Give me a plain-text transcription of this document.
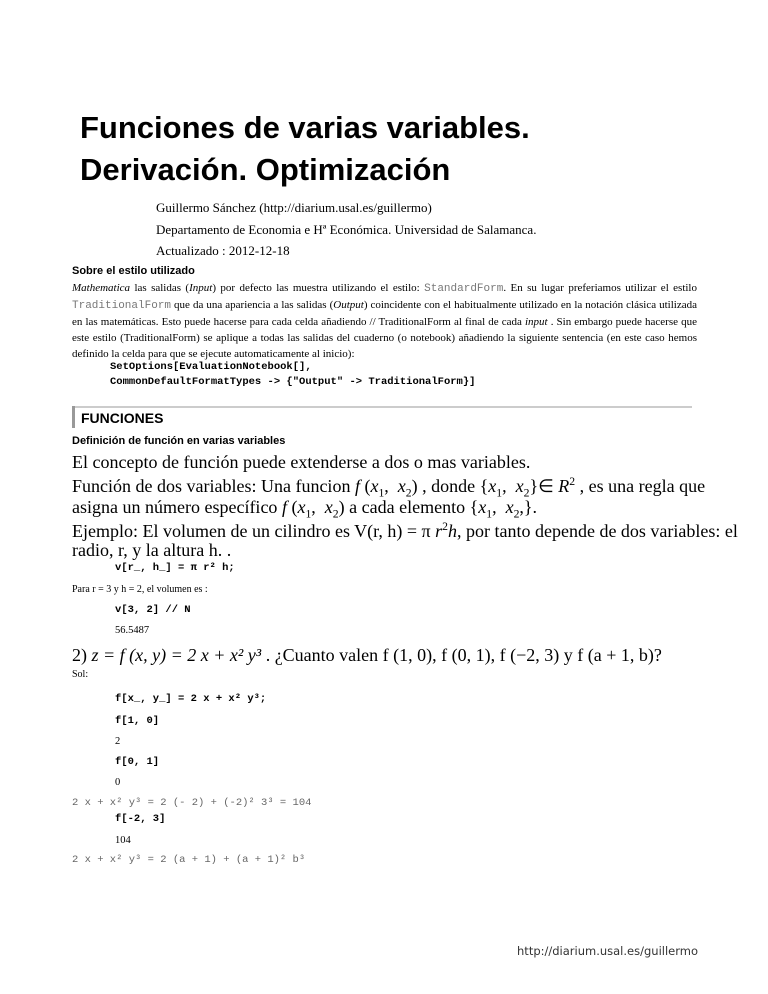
Funciones de varias variables.
Derivación. Optimización
Guillermo Sánchez (http://diarium.usal.es/guillermo)
Departamento de Economia e Hª Económica. Universidad de Salamanca.
Actualizado : 2012-12-18
Sobre el estilo utilizado
Mathematica las salidas (Input) por defecto las muestra utilizando el estilo: StandardForm. En su lugar preferiamos utilizar el estilo TraditionalForm que da una apariencia a las salidas (Output) coincidente con el habitualmente utilizado en la notación clásica utilizada en las matemáticas. Esto puede hacerse para cada celda añadiendo // TraditionalForm al final de cada input . Sin embargo puede hacerse que este estilo (TraditionalForm) se aplique a todas las salidas del cuaderno (o notebook) añadiendo la siguiente sentencia (en este caso hemos definido la celda para que se ejecute automaticamente al inicio):
SetOptions[EvaluationNotebook[],
CommonDefaultFormatTypes -> {"Output" -> TraditionalForm}]
FUNCIONES
Definición de función en varias variables
El concepto de función puede extenderse a dos o mas variables.
Función de dos variables: Una funcion f ($x_1$,  $x_2$) , donde {$x_1$,  $x_2\}\in$ $R^2$ , es una regla que
asigna un número específico f ($x_1$,  $x_2$) a cada elemento {$x_1$,  $x_2$,}.
Ejemplo: El volumen de un cilindro es V(r, h) = π $r^2h$, por tanto depende de dos variables: el
radio, r, y la altura h. .
v[r_, h_] = π r² h;
Para r = 3 y h = 2, el volumen es :
v[3, 2] // N
56.5487
2) z = f (x, y) = 2 x + x² y³ . ¿Cuanto valen f (1, 0), f (0, 1), f (−2, 3) y f (a + 1, b)?
Sol:
f[x_, y_] = 2 x + x² y³;
f[1, 0]
2
f[0, 1]
0
2 x + x² y³ = 2 (- 2) + (-2)² 3³ = 104
f[-2, 3]
104
2 x + x² y³ = 2 (a + 1) + (a + 1)² b³
http://diarium.usal.es/guillermo
